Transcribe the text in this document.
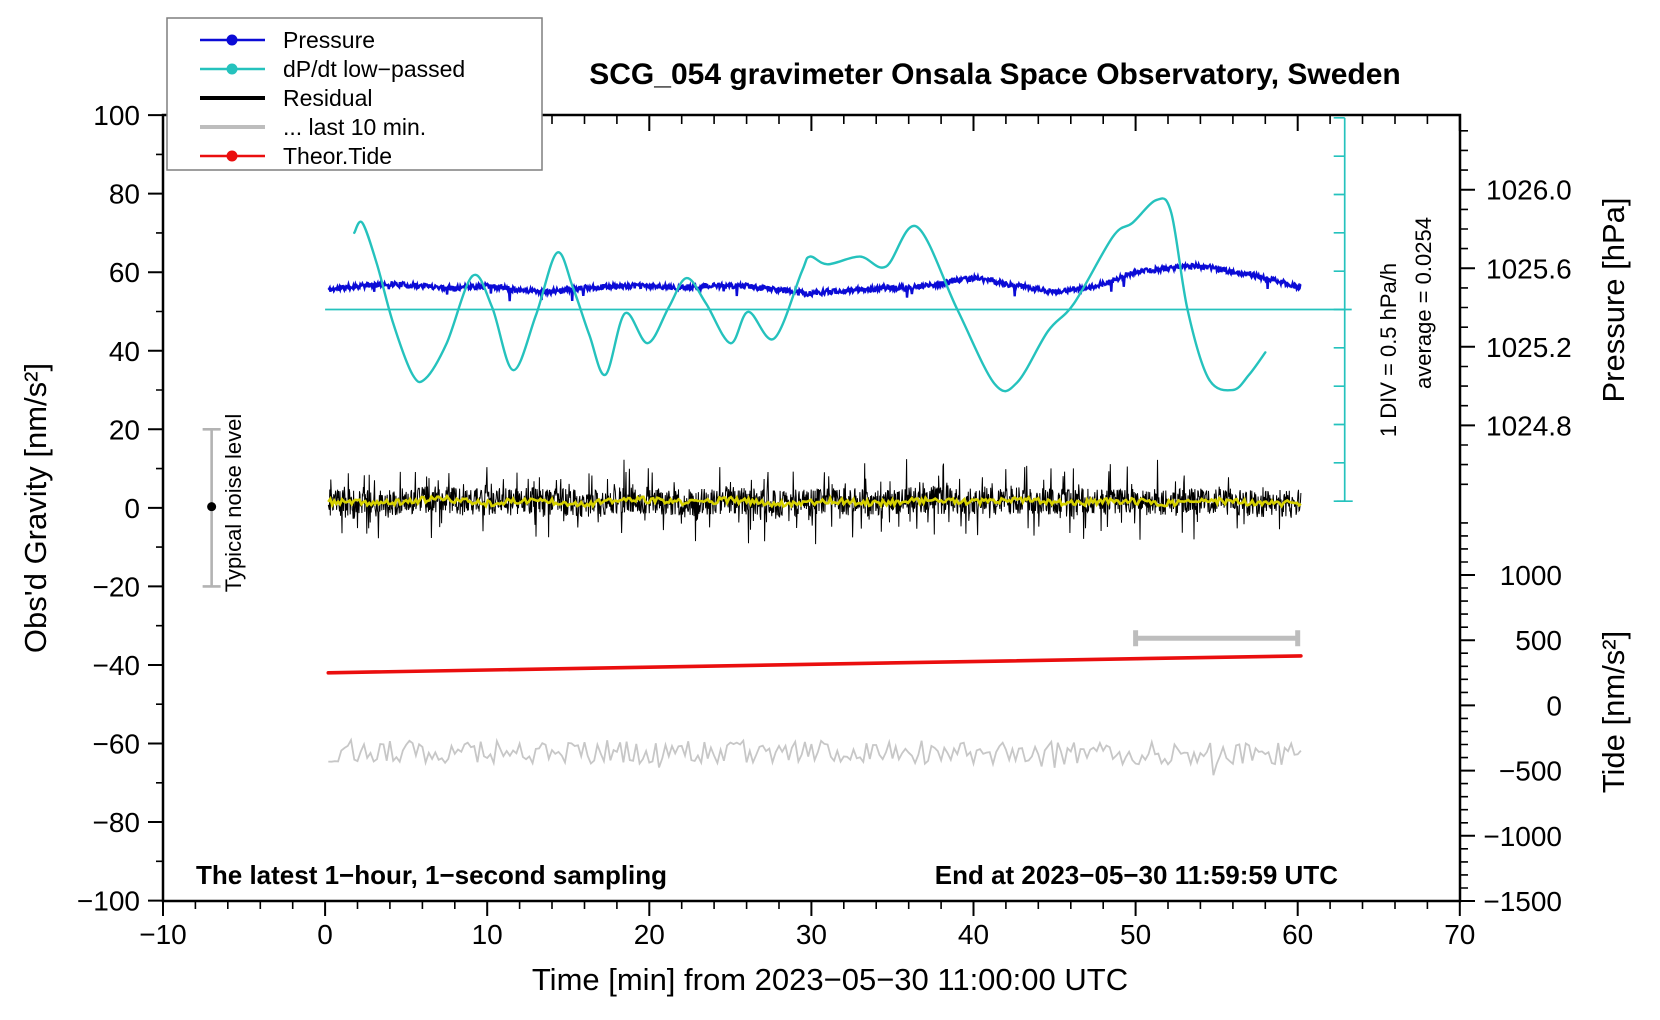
−10	0	10	20	30	40	50	60	70
−100
−80
−60
−40
−20
0
20
40
60
80
100
1024.8
1025.2
1025.6
1026.0
−1500
−1000
−500
0
500
1000
SCG_054 gravimeter Onsala Space Observatory, Sweden
Time [min] from 2023−05−30 11:00:00 UTC
Obs'd Gravity [nm/s²]
Pressure [hPa]
Tide [nm/s²]
1 DIV = 0.5 hPa/h average = 0.0254
Typical noise level
The latest 1−hour, 1−second sampling	End at 2023−05−30 11:59:59 UTC
Pressure
dP/dt low−passed
Residual
... last 10 min.
Theor.Tide
